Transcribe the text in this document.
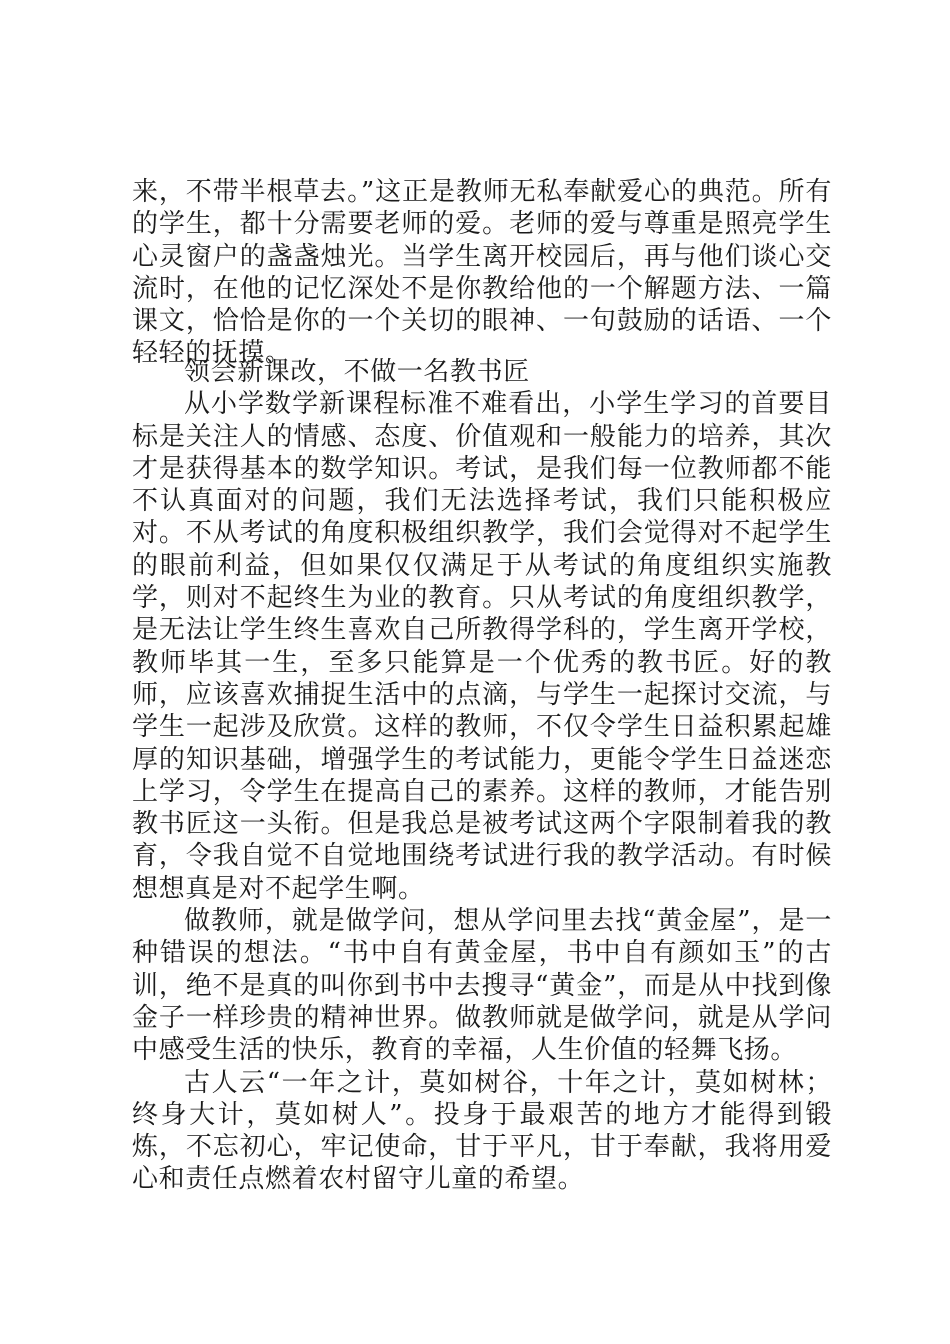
来，不带半根草去。”这正是教师无私奉献爱心的典范。所有的学生，都十分需要老师的爱。老师的爱与尊重是照亮学生心灵窗户的盏盏烛光。当学生离开校园后，再与他们谈心交流时，在他的记忆深处不是你教给他的一个解题方法、一篇课文，恰恰是你的一个关切的眼神、一句鼓励的话语、一个轻轻的抚摸。

领会新课改，不做一名教书匠

从小学数学新课程标准不难看出，小学生学习的首要目标是关注人的情感、态度、价值观和一般能力的培养，其次才是获得基本的数学知识。考试，是我们每一位教师都不能不认真面对的问题，我们无法选择考试，我们只能积极应对。不从考试的角度积极组织教学，我们会觉得对不起学生的眼前利益，但如果仅仅满足于从考试的角度组织实施教学，则对不起终生为业的教育。只从考试的角度组织教学，是无法让学生终生喜欢自己所教得学科的，学生离开学校，教师毕其一生，至多只能算是一个优秀的教书匠。好的教师，应该喜欢捕捉生活中的点滴，与学生一起探讨交流，与学生一起涉及欣赏。这样的教师，不仅令学生日益积累起雄厚的知识基础，增强学生的考试能力，更能令学生日益迷恋上学习，令学生在提高自己的素养。这样的教师，才能告别教书匠这一头衔。但是我总是被考试这两个字限制着我的教育，令我自觉不自觉地围绕考试进行我的教学活动。有时候想想真是对不起学生啊。

做教师，就是做学问，想从学问里去找“黄金屋”，是一种错误的想法。“书中自有黄金屋，书中自有颜如玉”的古训，绝不是真的叫你到书中去搜寻“黄金”，而是从中找到像金子一样珍贵的精神世界。做教师就是做学问，就是从学问中感受生活的快乐，教育的幸福，人生价值的轻舞飞扬。

古人云“一年之计，莫如树谷，十年之计，莫如树林；终身大计，莫如树人”。投身于最艰苦的地方才能得到锻炼，不忘初心，牢记使命，甘于平凡，甘于奉献，我将用爱心和责任点燃着农村留守儿童的希望。
